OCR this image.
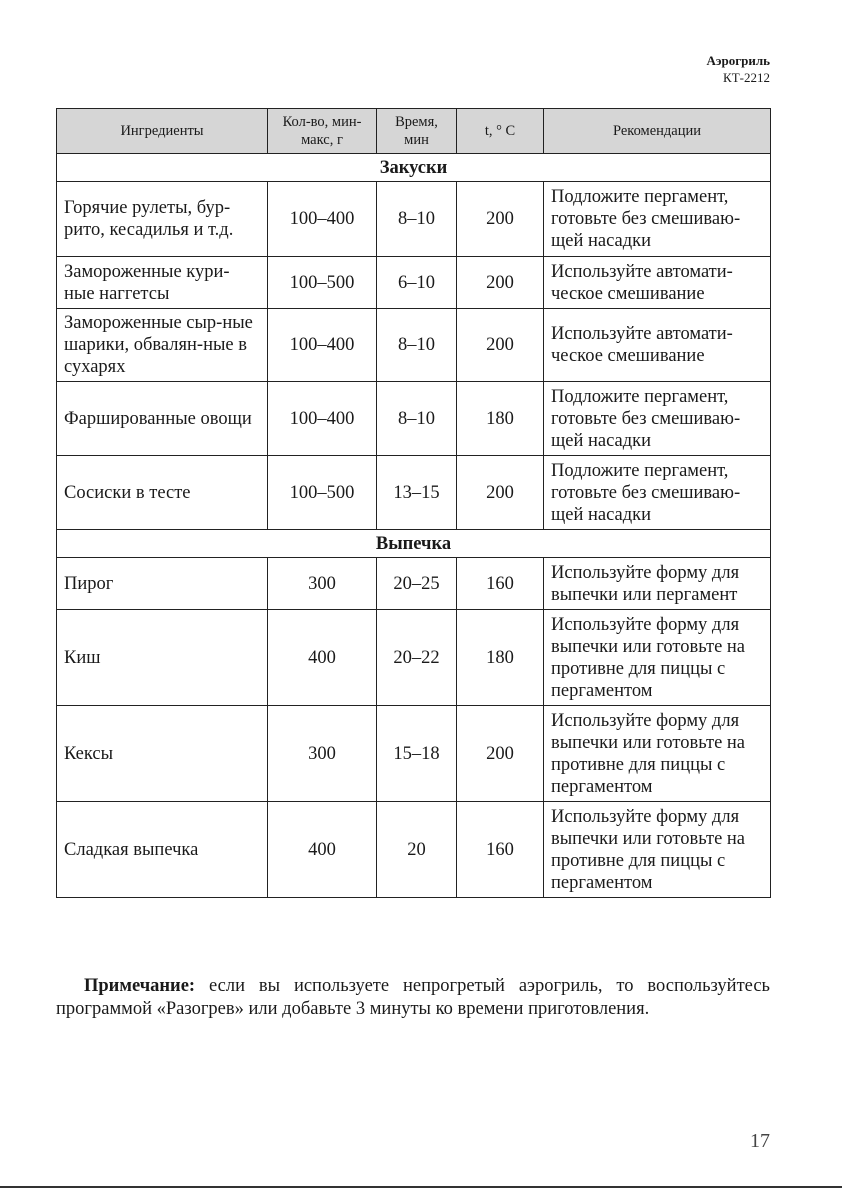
Аэрогриль
КТ-2212
Ингредиенты	Кол-во, мин-макс, г	Время, мин	t, ° C	Рекомендации
Закуски				
Горячие рулеты, бур-рито, кесадилья и т.д.	100–400	8–10	200	Подложите пергамент, готовьте без смешиваю-щей насадки
Замороженные кури-ные наггетсы	100–500	6–10	200	Используйте автомати-ческое смешивание
Замороженные сыр-ные шарики, обвалян-ные в сухарях	100–400	8–10	200	Используйте автомати-ческое смешивание
Фаршированные овощи	100–400	8–10	180	Подложите пергамент, готовьте без смешиваю-щей насадки
Сосиски в тесте	100–500	13–15	200	Подложите пергамент, готовьте без смешиваю-щей насадки
Выпечка				
Пирог	300	20–25	160	Используйте форму для выпечки или пергамент
Киш	400	20–22	180	Используйте форму для выпечки или готовьте на противне для пиццы с пергаментом
Кексы	300	15–18	200	Используйте форму для выпечки или готовьте на противне для пиццы с пергаментом
Сладкая выпечка	400	20	160	Используйте форму для выпечки или готовьте на противне для пиццы с пергаментом

Примечание: если вы используете непрогретый аэрогриль, то воспользуйтесь программой «Разогрев» или добавьте 3 минуты ко времени приготовления.

17
